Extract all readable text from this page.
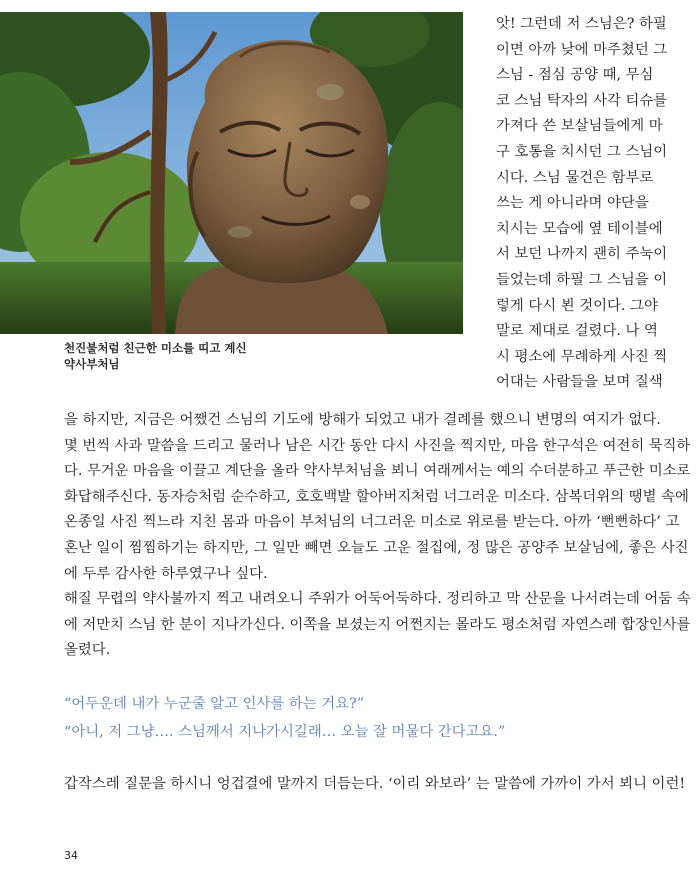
천진불처럼 친근한 미소를 띠고 계신
약사부처님
앗! 그런데 저 스님은? 하필
이면 아까 낮에 마주쳤던 그
스님 - 점심 공양 때, 무심
코 스님 탁자의 사각 티슈를
가져다 쓴 보살님들에게 마
구 호통을 치시던 그 스님이
시다. 스님 물건은 함부로
쓰는 게 아니라며 야단을
치시는 모습에 옆 테이블에
서 보던 나까지 괜히 주눅이
들었는데 하필 그 스님을 이
렇게 다시 뵌 것이다. 그야
말로 제대로 걸렸다. 나 역
시 평소에 무례하게 사진 찍
어대는 사람들을 보며 질색
을 하지만, 지금은 어쨌건 스님의 기도에 방해가 되었고 내가 결례를 했으니 변명의 여지가 없다.
몇 번씩 사과 말씀을 드리고 물러나 남은 시간 동안 다시 사진을 찍지만, 마음 한구석은 여전히 묵직하
다. 무거운 마음을 이끌고 계단을 올라 약사부처님을 뵈니 여래께서는 예의 수더분하고 푸근한 미소로
화답해주신다. 동자승처럼 순수하고, 호호백발 할아버지처럼 너그러운 미소다. 삼복더위의 땡볕 속에
온종일 사진 찍느라 지친 몸과 마음이 부처님의 너그러운 미소로 위로를 받는다. 아까 ‘뻔뻔하다’ 고
혼난 일이 찜찜하기는 하지만, 그 일만 빼면 오늘도 고운 절집에, 정 많은 공양주 보살님에, 좋은 사진
에 두루 감사한 하루였구나 싶다.
해질 무렵의 약사불까지 찍고 내려오니 주위가 어둑어둑하다. 정리하고 막 산문을 나서려는데 어둠 속
에 저만치 스님 한 분이 지나가신다. 이쪽을 보셨는지 어쩐지는 몰라도 평소처럼 자연스레 합장인사를
올렸다.
“어두운데 내가 누군줄 알고 인사를 하는 거요?”
“아니, 저 그냥…. 스님께서 지나가시길래… 오늘 잘 머물다 간다고요.”
갑작스레 질문을 하시니 엉겁결에 말까지 더듬는다. ‘이리 와보라’ 는 말씀에 가까이 가서 뵈니 이런!
34
